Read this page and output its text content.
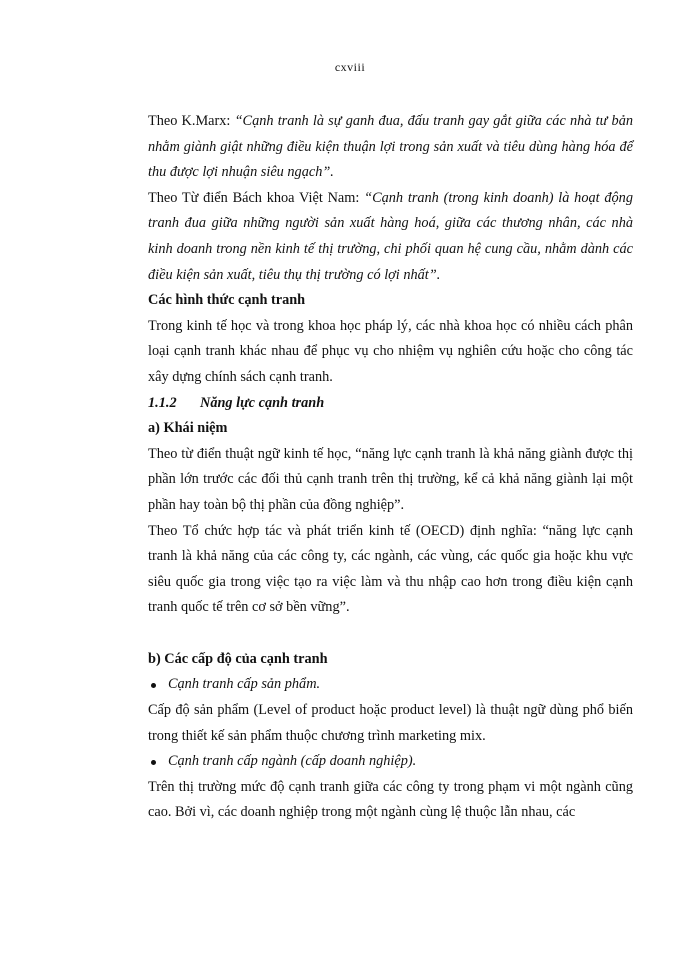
cxviii

Theo K.Marx: “Cạnh tranh là sự ganh đua, đấu tranh gay gắt giữa các nhà tư bản nhằm giành giật những điều kiện thuận lợi trong sản xuất và tiêu dùng hàng hóa để thu được lợi nhuận siêu ngạch”.

Theo Từ điển Bách khoa Việt Nam: “Cạnh tranh (trong kinh doanh) là hoạt động tranh đua giữa những người sản xuất hàng hoá, giữa các thương nhân, các nhà kinh doanh trong nền kinh tế thị trường, chi phối quan hệ cung cầu, nhằm dành các điều kiện sản xuất, tiêu thụ thị trường có lợi nhất”.

Các hình thức cạnh tranh

Trong kinh tế học và trong khoa học pháp lý, các nhà khoa học có nhiều cách phân loại cạnh tranh khác nhau để phục vụ cho nhiệm vụ nghiên cứu hoặc cho công tác xây dựng chính sách cạnh tranh.

1.1.2 Năng lực cạnh tranh

a) Khái niệm

Theo từ điển thuật ngữ kinh tế học, “năng lực cạnh tranh là khả năng giành được thị phần lớn trước các đối thủ cạnh tranh trên thị trường, kể cả khả năng giành lại một phần hay toàn bộ thị phần của đồng nghiệp”.

Theo Tổ chức hợp tác và phát triển kinh tế (OECD) định nghĩa: “năng lực cạnh tranh là khả năng của các công ty, các ngành, các vùng, các quốc gia hoặc khu vực siêu quốc gia trong việc tạo ra việc làm và thu nhập cao hơn trong điều kiện cạnh tranh quốc tế trên cơ sở bền vững”.

b) Các cấp độ của cạnh tranh

Cạnh tranh cấp sản phẩm.

Cấp độ sản phẩm (Level of product hoặc product level) là thuật ngữ dùng phổ biến trong thiết kế sản phẩm thuộc chương trình marketing mix.

Cạnh tranh cấp ngành (cấp doanh nghiệp).

Trên thị trường mức độ cạnh tranh giữa các công ty trong phạm vi một ngành cũng cao. Bởi vì, các doanh nghiệp trong một ngành cùng lệ thuộc lẫn nhau, các
